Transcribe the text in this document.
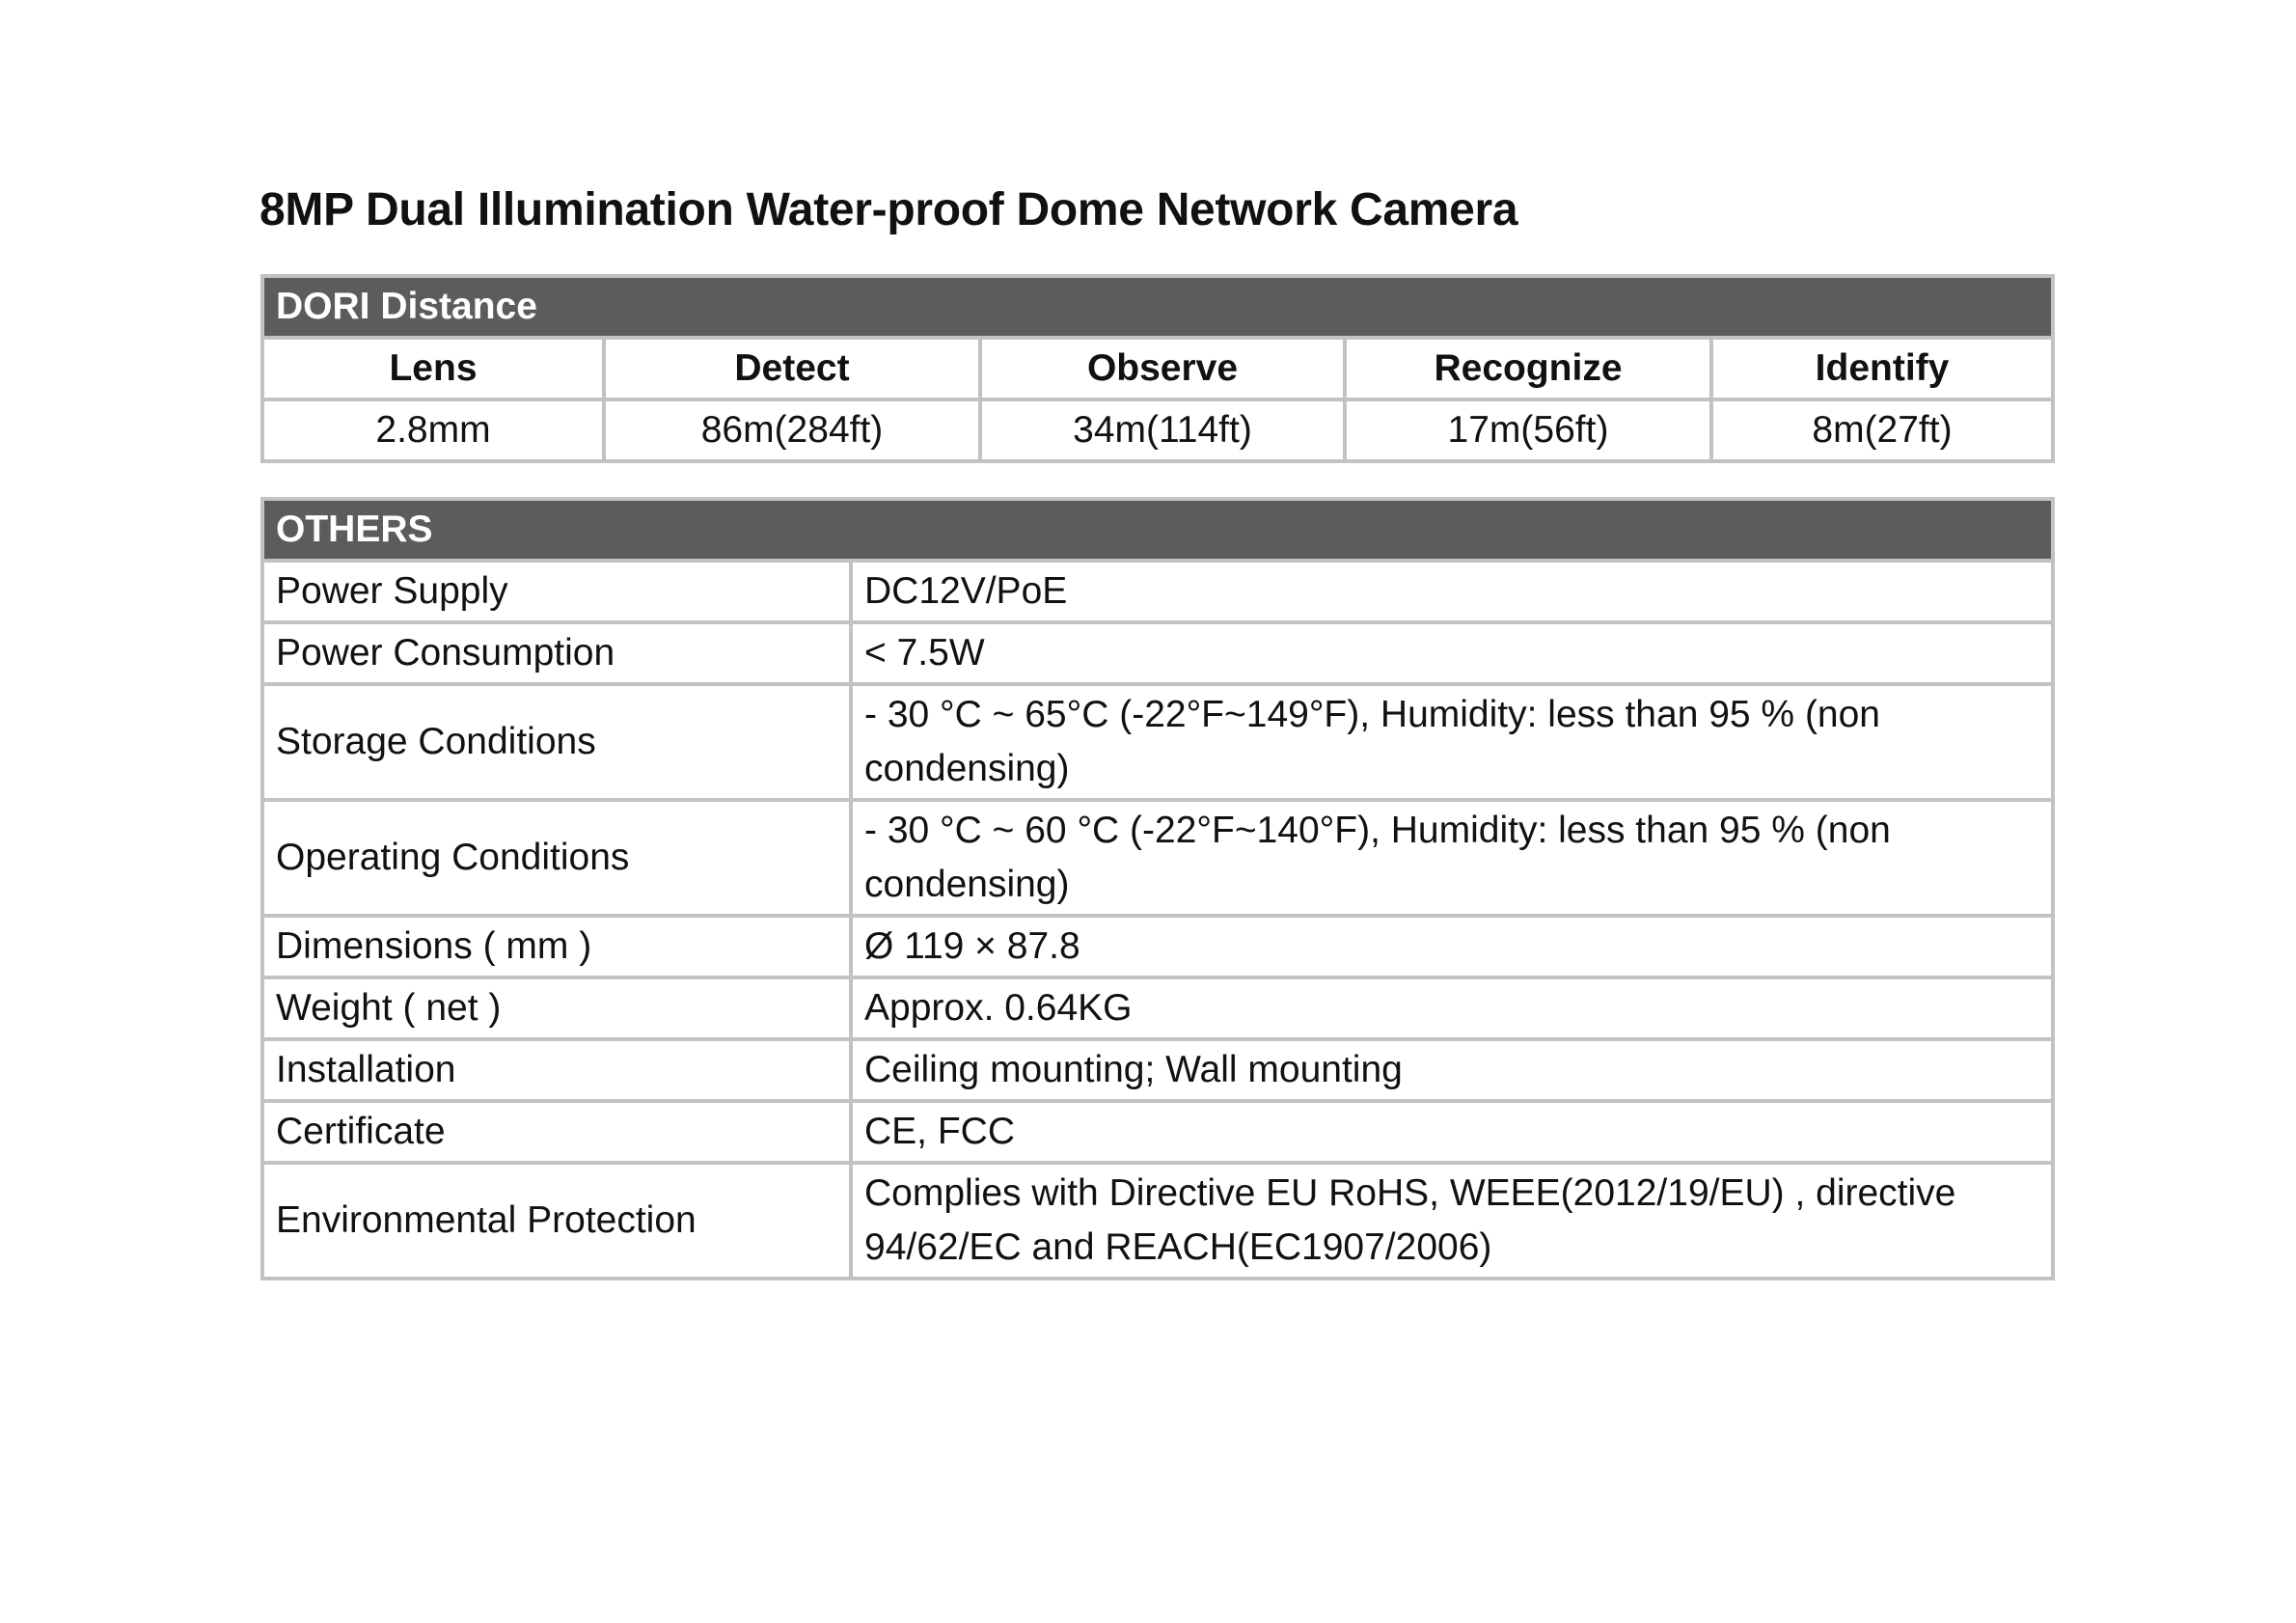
8MP Dual Illumination Water-proof Dome Network Camera
DORI Distance				
Lens	Detect	Observe	Recognize	Identify
2.8mm	86m(284ft)	34m(114ft)	17m(56ft)	8m(27ft)
OTHERS	
Power Supply	DC12V/PoE
Power Consumption	< 7.5W
Storage Conditions	- 30 °C ~ 65°C (-22°F~149°F), Humidity: less than 95 % (non condensing)
Operating Conditions	- 30 °C ~ 60 °C (-22°F~140°F), Humidity: less than 95 % (non condensing)
Dimensions ( mm )	Ø 119 × 87.8
Weight ( net )	Approx. 0.64KG
Installation	Ceiling mounting; Wall mounting
Certificate	CE, FCC
Environmental Protection	Complies with Directive EU RoHS, WEEE(2012/19/EU) , directive 94/62/EC and REACH(EC1907/2006)
